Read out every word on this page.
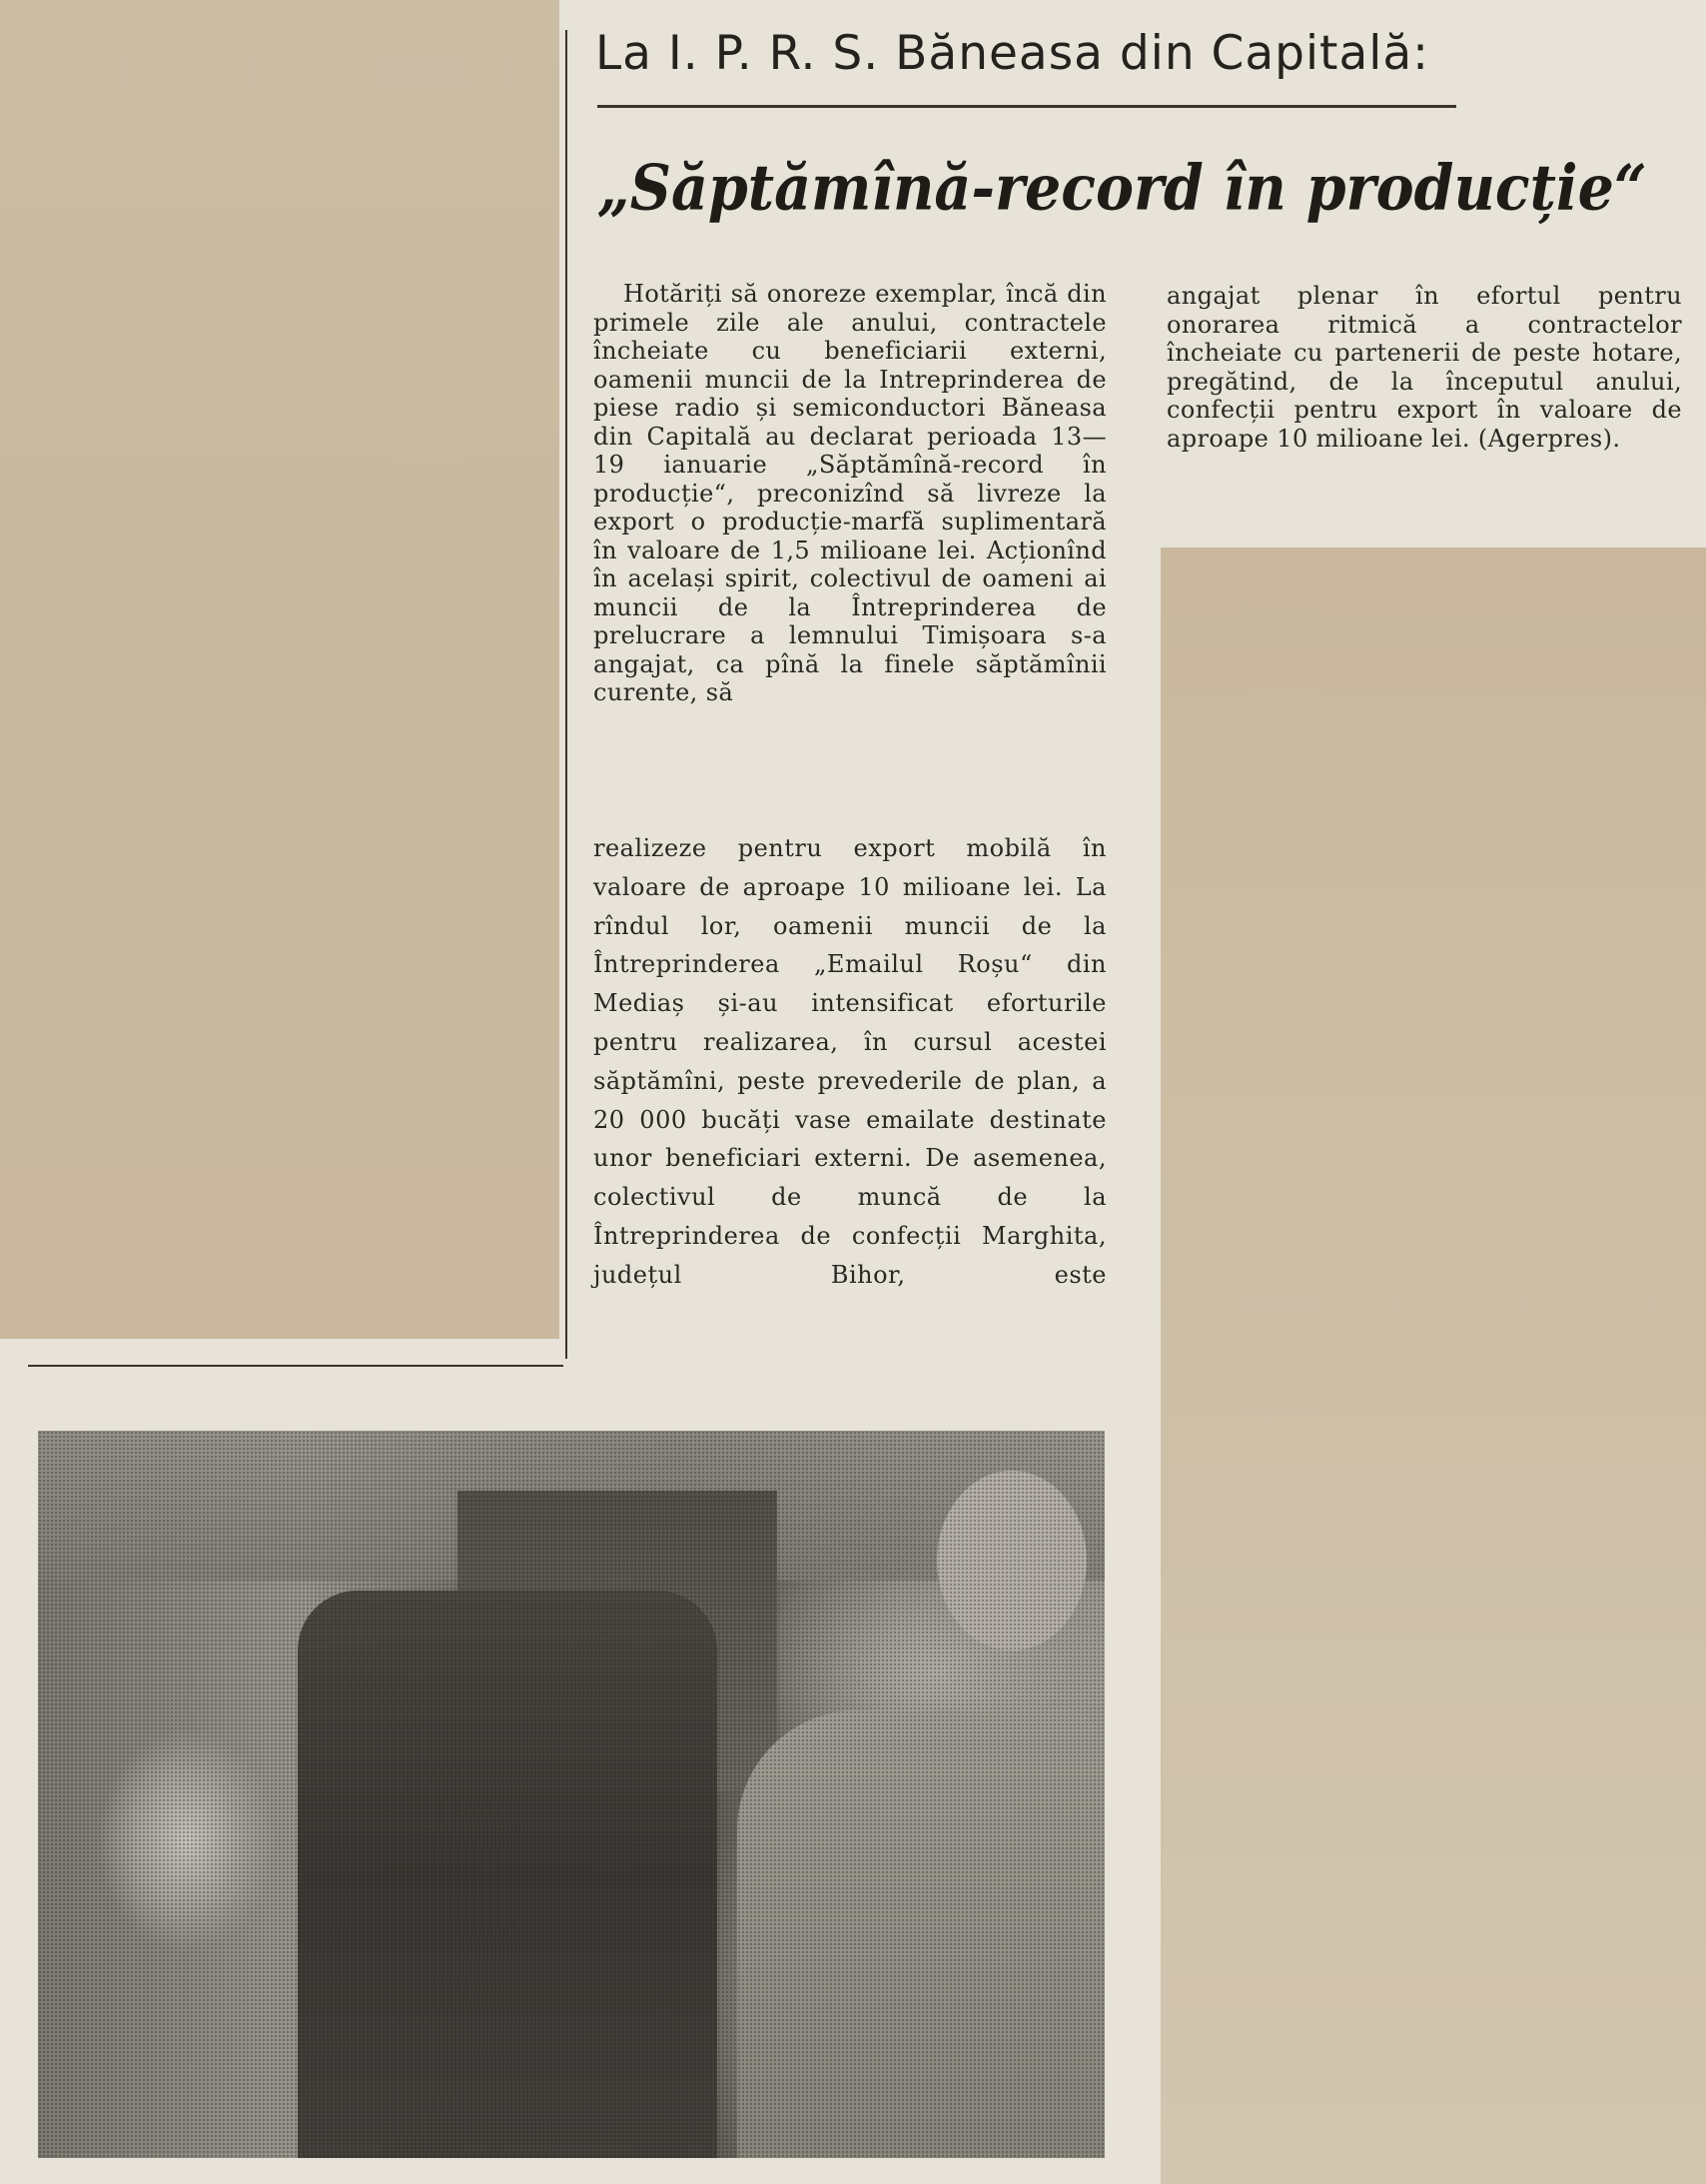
La I. P. R. S. Băneasa din Capitală:
„Săptămînă-record în producție“

Hotăriți să onoreze exemplar, încă din primele zile ale anului, contractele încheiate cu beneficiarii externi, oamenii muncii de la Intreprinderea de piese radio și semiconductori Băneasa din Capitală au declarat perioada 13—19 ianuarie „Săptămînă-record în producție“, preconizînd să livreze la export o producție-marfă suplimentară în valoare de 1,5 milioane lei. Acționînd în același spirit, colectivul de oameni ai muncii de la Întreprinderea de prelucrare a lemnului Timișoara s-a angajat, ca pînă la finele săptămînii curente, să

realizeze pentru export mobilă în valoare de aproape 10 milioane lei. La rîndul lor, oamenii muncii de la Întreprinderea „Emailul Roșu“ din Mediaș și-au intensificat eforturile pentru realizarea, în cursul acestei săptămîni, peste prevederile de plan, a 20 000 bucăți vase emailate destinate unor beneficiari externi. De asemenea, colectivul de muncă de la Întreprinderea de confecții Marghita, județul Bihor, este

angajat plenar în efortul pentru onorarea ritmică a contractelor încheiate cu partenerii de peste hotare, pregătind, de la începutul anului, confecții pentru export în valoare de aproape 10 milioane lei. (Agerpres).
